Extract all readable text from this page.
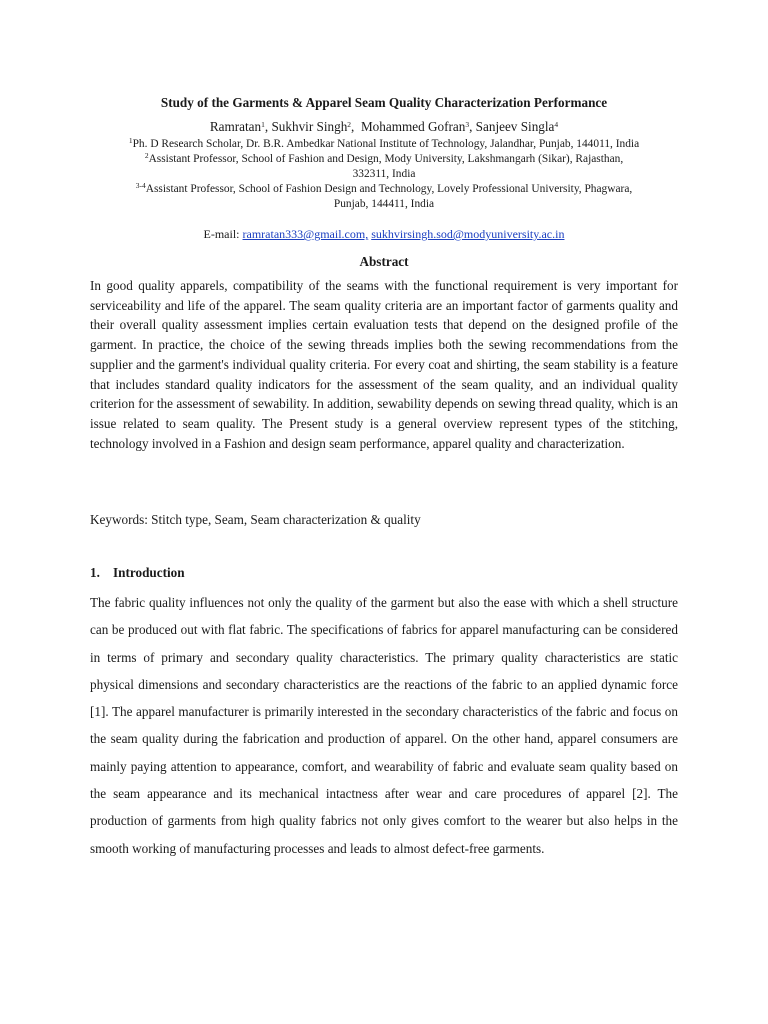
Study of the Garments & Apparel Seam Quality Characterization Performance
Ramratan$^1$, Sukhvir Singh$^2$,  Mohammed Gofran$^3$, Sanjeev Singla$^4$
$^1$Ph. D Research Scholar, Dr. B.R. Ambedkar National Institute of Technology, Jalandhar, Punjab, 144011, India
$^2$Assistant Professor, School of Fashion and Design, Mody University, Lakshmangarh (Sikar), Rajasthan,
332311, India
$^{3-4}$Assistant Professor, School of Fashion Design and Technology, Lovely Professional University, Phagwara,
Punjab, 144411, India
E-mail: ramratan333@gmail.com, sukhvirsingh.sod@modyuniversity.ac.in
Abstract
In good quality apparels, compatibility of the seams with the functional requirement is very important for serviceability and life of the apparel. The seam quality criteria are an important factor of garments quality and their overall quality assessment implies certain evaluation tests that depend on the designed profile of the garment. In practice, the choice of the sewing threads implies both the sewing recommendations from the supplier and the garment's individual quality criteria. For every coat and shirting, the seam stability is a feature that includes standard quality indicators for the assessment of the seam quality, and an individual quality criterion for the assessment of sewability. In addition, sewability depends on sewing thread quality, which is an issue related to seam quality. The Present study is a general overview represent types of the stitching, technology involved in a Fashion and design seam performance, apparel quality and characterization.
Keywords: Stitch type, Seam, Seam characterization & quality
1. Introduction
The fabric quality influences not only the quality of the garment but also the ease with which a shell structure can be produced out with flat fabric. The specifications of fabrics for apparel manufacturing can be considered in terms of primary and secondary quality characteristics. The primary quality characteristics are static physical dimensions and secondary characteristics are the reactions of the fabric to an applied dynamic force [1]. The apparel manufacturer is primarily interested in the secondary characteristics of the fabric and focus on the seam quality during the fabrication and production of apparel. On the other hand, apparel consumers are mainly paying attention to appearance, comfort, and wearability of fabric and evaluate seam quality based on the seam appearance and its mechanical intactness after wear and care procedures of apparel [2]. The production of garments from high quality fabrics not only gives comfort to the wearer but also helps in the smooth working of manufacturing processes and leads to almost defect-free garments.
